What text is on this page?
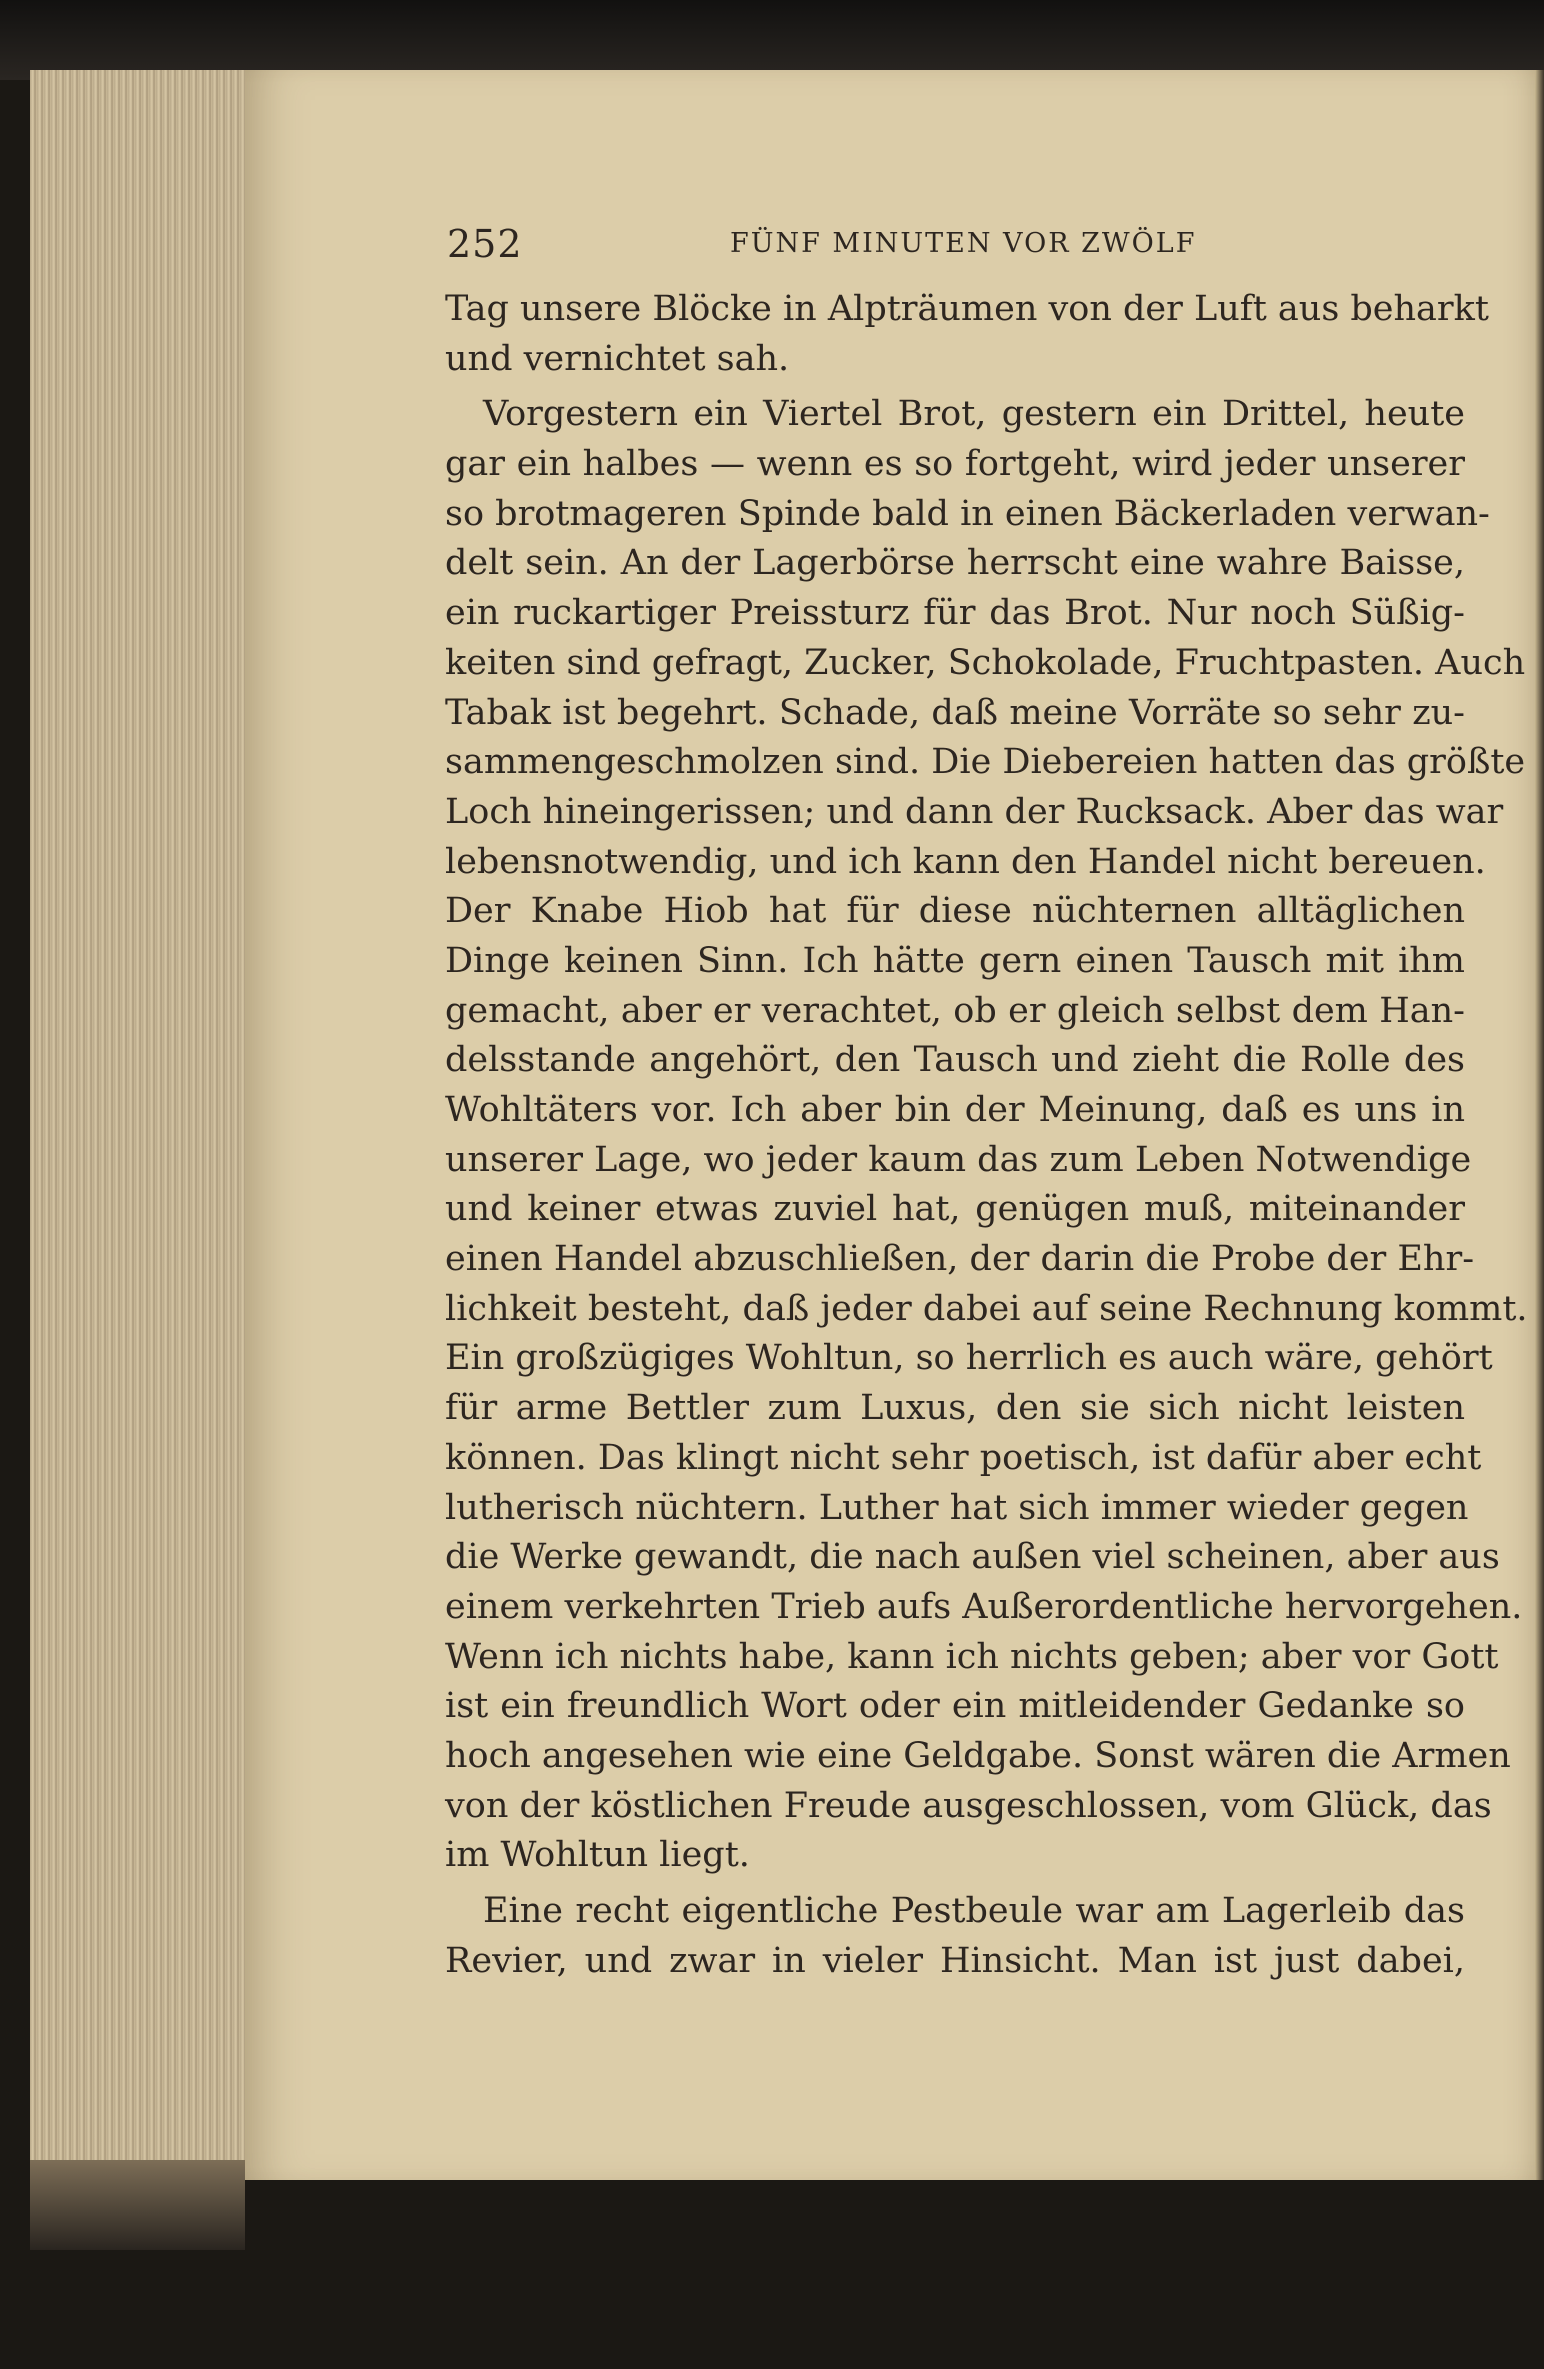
252	FÜNF MINUTEN VOR ZWÖLF
Tag unsere Blöcke in Alpträumen von der Luft aus beharkt
und vernichtet sah.
Vorgestern ein Viertel Brot, gestern ein Drittel, heute
gar ein halbes — wenn es so fortgeht, wird jeder unserer
so brotmageren Spinde bald in einen Bäckerladen verwan-
delt sein. An der Lagerbörse herrscht eine wahre Baisse,
ein ruckartiger Preissturz für das Brot. Nur noch Süßig-
keiten sind gefragt, Zucker, Schokolade, Fruchtpasten. Auch
Tabak ist begehrt. Schade, daß meine Vorräte so sehr zu-
sammengeschmolzen sind. Die Diebereien hatten das größte
Loch hineingerissen; und dann der Rucksack. Aber das war
lebensnotwendig, und ich kann den Handel nicht bereuen.
Der Knabe Hiob hat für diese nüchternen alltäglichen
Dinge keinen Sinn. Ich hätte gern einen Tausch mit ihm
gemacht, aber er verachtet, ob er gleich selbst dem Han-
delsstande angehört, den Tausch und zieht die Rolle des
Wohltäters vor. Ich aber bin der Meinung, daß es uns in
unserer Lage, wo jeder kaum das zum Leben Notwendige
und keiner etwas zuviel hat, genügen muß, miteinander
einen Handel abzuschließen, der darin die Probe der Ehr-
lichkeit besteht, daß jeder dabei auf seine Rechnung kommt.
Ein großzügiges Wohltun, so herrlich es auch wäre, gehört
für arme Bettler zum Luxus, den sie sich nicht leisten
können. Das klingt nicht sehr poetisch, ist dafür aber echt
lutherisch nüchtern. Luther hat sich immer wieder gegen
die Werke gewandt, die nach außen viel scheinen, aber aus
einem verkehrten Trieb aufs Außerordentliche hervorgehen.
Wenn ich nichts habe, kann ich nichts geben; aber vor Gott
ist ein freundlich Wort oder ein mitleidender Gedanke so
hoch angesehen wie eine Geldgabe. Sonst wären die Armen
von der köstlichen Freude ausgeschlossen, vom Glück, das
im Wohltun liegt.
Eine recht eigentliche Pestbeule war am Lagerleib das
Revier, und zwar in vieler Hinsicht. Man ist just dabei,
